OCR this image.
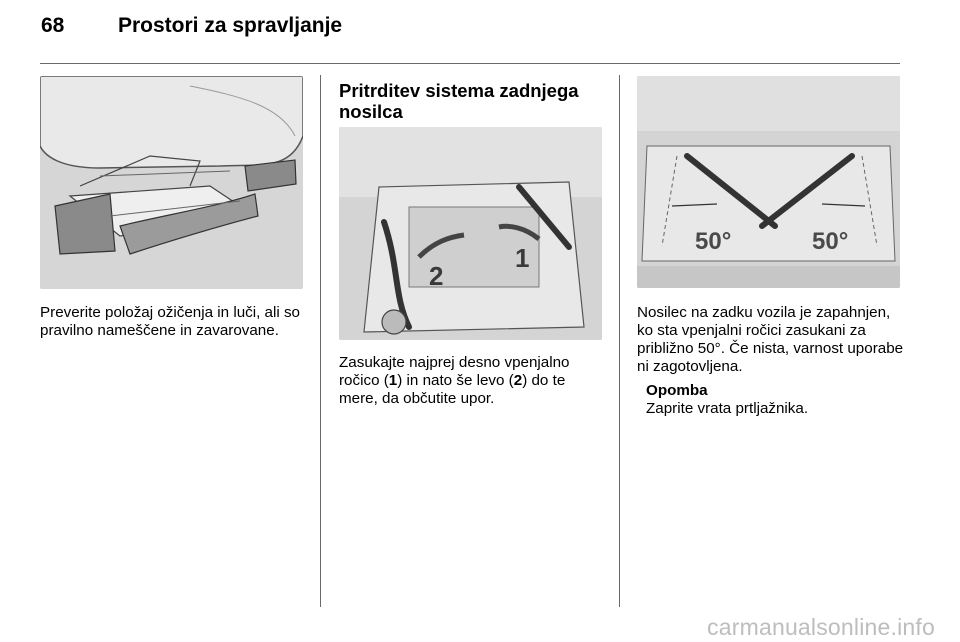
68	Prostori za spravljanje
Preverite položaj ožičenja in luči, ali so pravilno nameščene in zavarovane.
Pritrditev sistema zadnjega
nosilca
2
1
Zasukajte najprej desno vpenjalno ročico (1) in nato še levo (2) do te mere, da občutite upor.
50°	50°
Nosilec na zadku vozila je zapahnjen, ko sta vpenjalni ročici zasukani za približno 50°. Če nista, varnost uporabe ni zagotovljena.
Opomba
Zaprite vrata prtljažnika.
carmanualsonline.info
